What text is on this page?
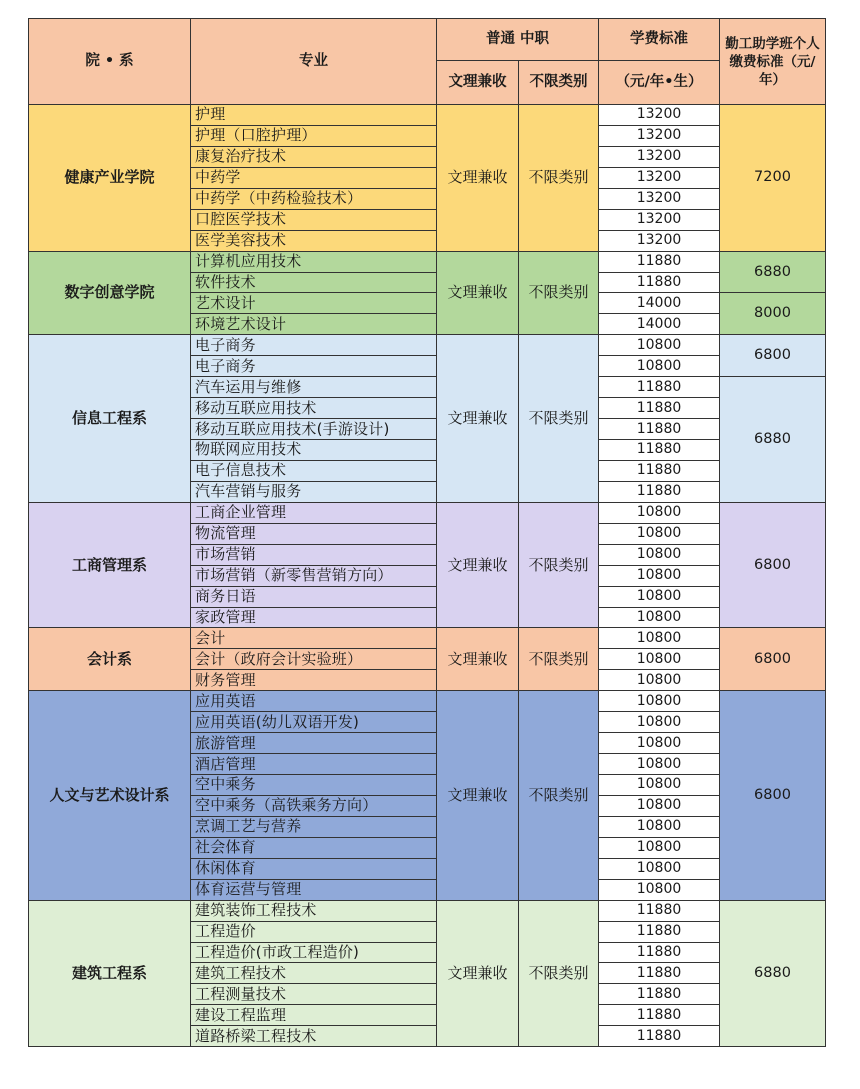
院 • 系	专业	普通 中职		学费标准	勤工助学班个人缴费标准（元/年）
		文理兼收	不限类别	（元/年•生）	
健康产业学院	护理	文理兼收	不限类别	13200	7200
	护理（口腔护理）			13200	
	康复治疗技术			13200	
	中药学			13200	
	中药学（中药检验技术）			13200	
	口腔医学技术			13200	
	医学美容技术			13200	
数字创意学院	计算机应用技术	文理兼收	不限类别	11880	6880
	软件技术			11880	
	艺术设计			14000	8000
	环境艺术设计			14000	
信息工程系	电子商务	文理兼收	不限类别	10800	6800
	电子商务			10800	
	汽车运用与维修			11880	6880
	移动互联应用技术			11880	
	移动互联应用技术(手游设计)			11880	
	物联网应用技术			11880	
	电子信息技术			11880	
	汽车营销与服务			11880	
工商管理系	工商企业管理	文理兼收	不限类别	10800	6800
	物流管理			10800	
	市场营销			10800	
	市场营销（新零售营销方向）			10800	
	商务日语			10800	
	家政管理			10800	
会计系	会计	文理兼收	不限类别	10800	6800
	会计（政府会计实验班）			10800	
	财务管理			10800	
人文与艺术设计系	应用英语	文理兼收	不限类别	10800	6800
	应用英语(幼儿双语开发)			10800	
	旅游管理			10800	
	酒店管理			10800	
	空中乘务			10800	
	空中乘务（高铁乘务方向）			10800	
	烹调工艺与营养			10800	
	社会体育			10800	
	休闲体育			10800	
	体育运营与管理			10800	
建筑工程系	建筑装饰工程技术	文理兼收	不限类别	11880	6880
	工程造价			11880	
	工程造价(市政工程造价)			11880	
	建筑工程技术			11880	
	工程测量技术			11880	
	建设工程监理			11880	
	道路桥梁工程技术			11880	
